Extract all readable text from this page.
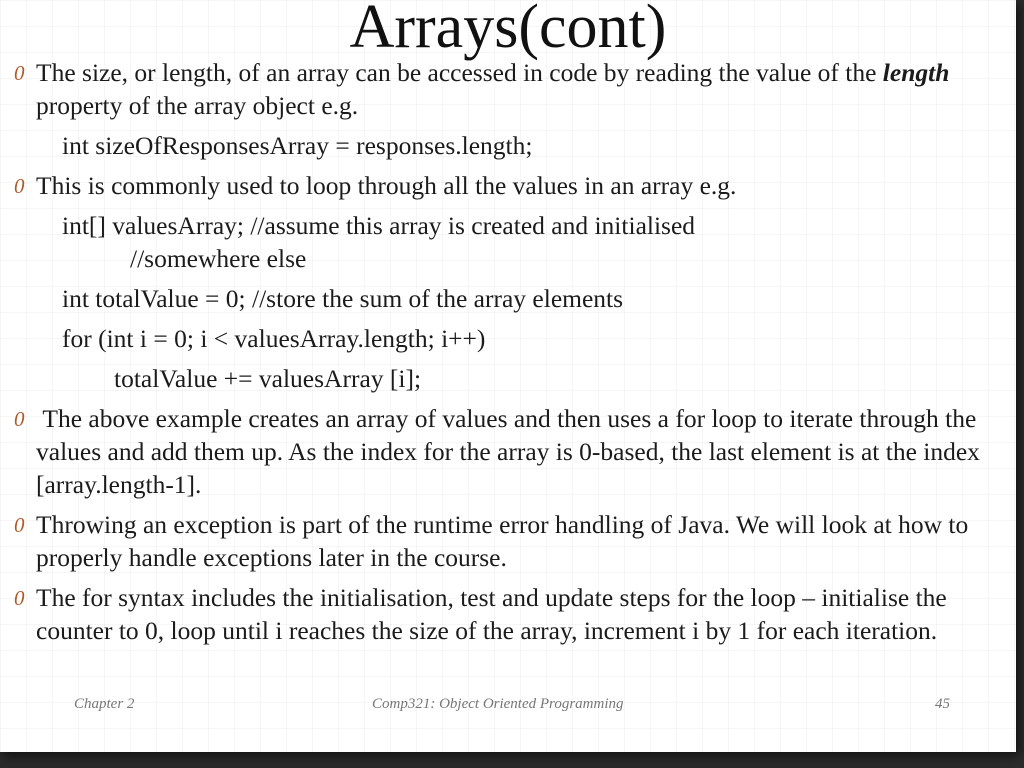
Arrays(cont)
0 The size, or length, of an array can be accessed in code by reading the value of the length property of the array object e.g.
int sizeOfResponsesArray = responses.length;
0 This is commonly used to loop through all the values in an array e.g.
int[] valuesArray; //assume this array is created and initialised
//somewhere else
int totalValue = 0; //store the sum of the array elements
for (int i = 0; i < valuesArray.length; i++)
totalValue += valuesArray [i];
0 The above example creates an array of values and then uses a for loop to iterate through the values and add them up. As the index for the array is 0-based, the last element is at the index [array.length-1].
0 Throwing an exception is part of the runtime error handling of Java. We will look at how to properly handle exceptions later in the course.
0 The for syntax includes the initialisation, test and update steps for the loop – initialise the counter to 0, loop until i reaches the size of the array, increment i by 1 for each iteration.
Chapter 2	Comp321: Object Oriented Programming	45
